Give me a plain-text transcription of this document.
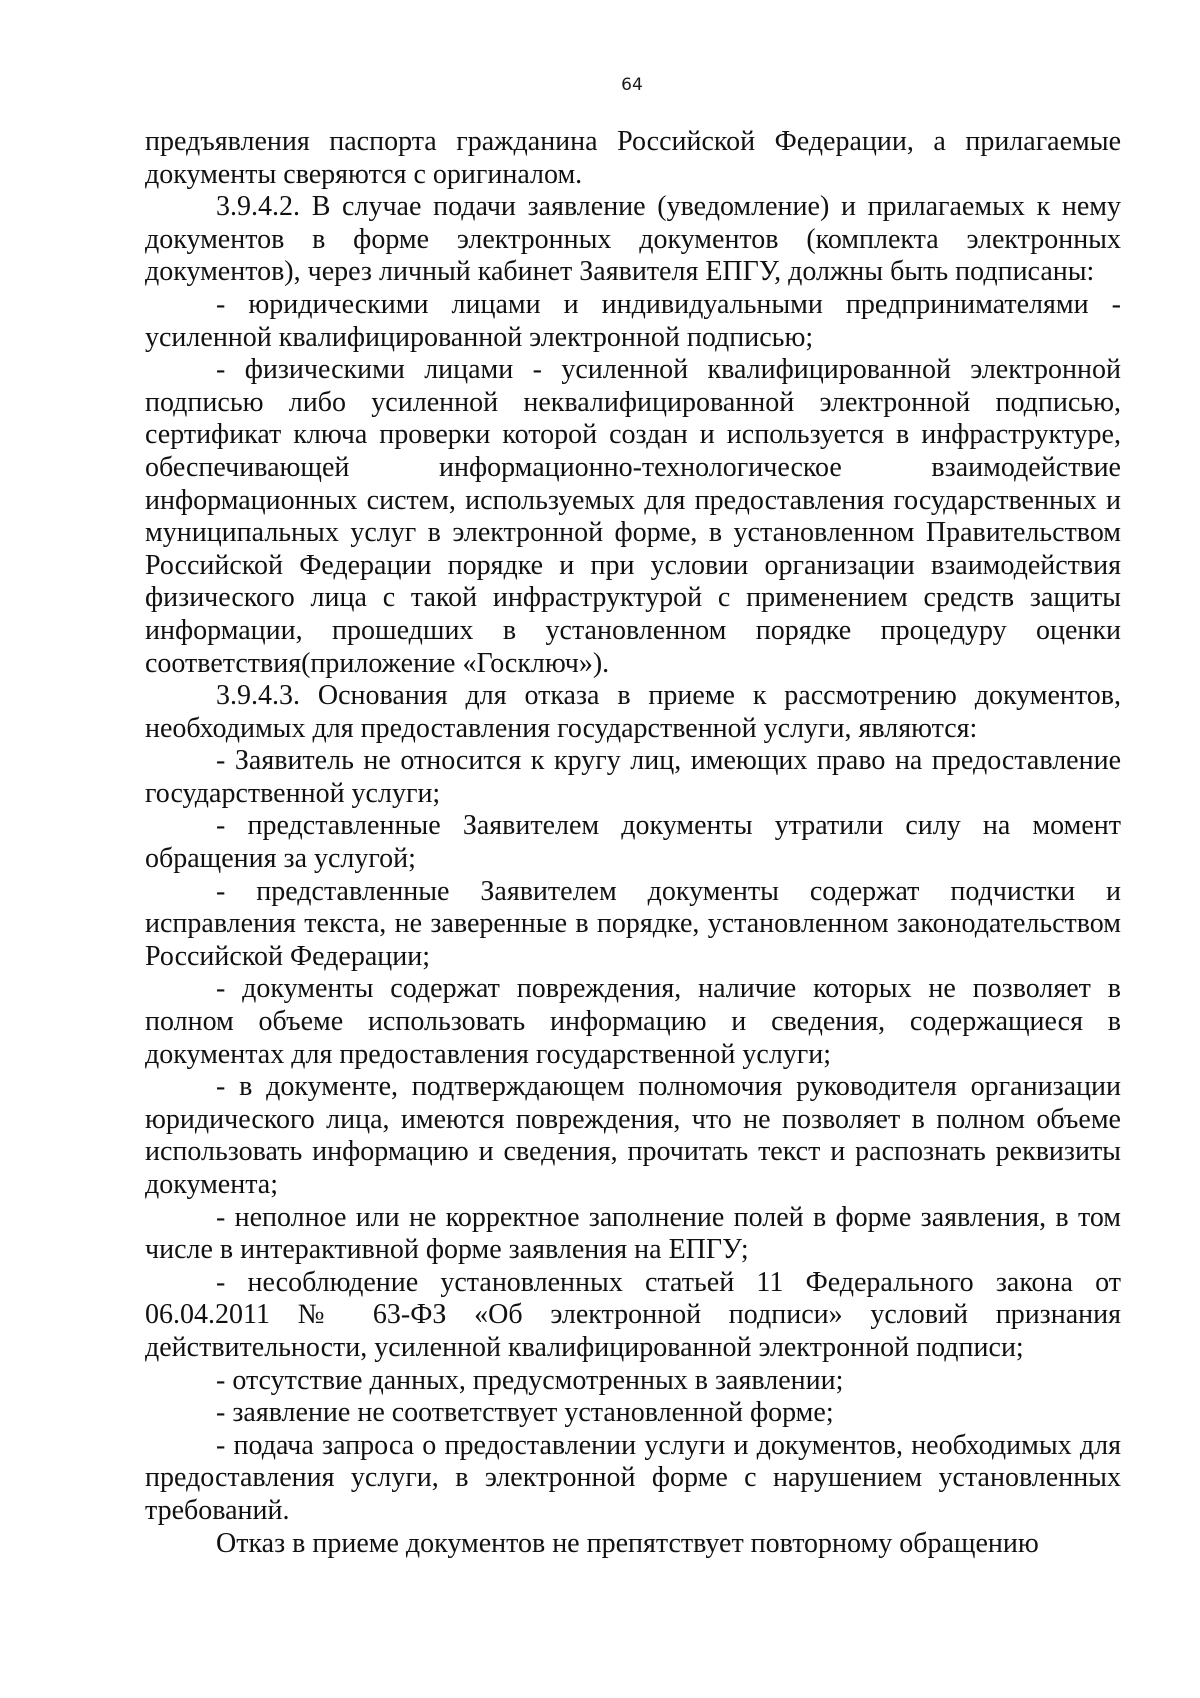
64

предъявления паспорта гражданина Российской Федерации, а прилагаемые документы сверяются с оригиналом.

3.9.4.2. В случае подачи заявление (уведомление) и прилагаемых к нему документов в форме электронных документов (комплекта электронных документов), через личный кабинет Заявителя ЕПГУ, должны быть подписаны:

- юридическими лицами и индивидуальными предпринимателями - усиленной квалифицированной электронной подписью;

- физическими лицами - усиленной квалифицированной электронной подписью либо усиленной неквалифицированной электронной подписью, сертификат ключа проверки которой создан и используется в инфраструктуре, обеспечивающей информационно-технологическое взаимодействие информационных систем, используемых для предоставления государственных и муниципальных услуг в электронной форме, в установленном Правительством Российской Федерации порядке и при условии организации взаимодействия физического лица с такой инфраструктурой с применением средств защиты информации, прошедших в установленном порядке процедуру оценки соответствия(приложение «Госключ»).

3.9.4.3. Основания для отказа в приеме к рассмотрению документов, необходимых для предоставления государственной услуги, являются:

- Заявитель не относится к кругу лиц, имеющих право на предоставление государственной услуги;

- представленные Заявителем документы утратили силу на момент обращения за услугой;

- представленные Заявителем документы содержат подчистки и исправления текста, не заверенные в порядке, установленном законодательством Российской Федерации;

- документы содержат повреждения, наличие которых не позволяет в полном объеме использовать информацию и сведения, содержащиеся в документах для предоставления государственной услуги;

- в документе, подтверждающем полномочия руководителя организации юридического лица, имеются повреждения, что не позволяет в полном объеме использовать информацию и сведения, прочитать текст и распознать реквизиты документа;

- неполное или не корректное заполнение полей в форме заявления, в том числе в интерактивной форме заявления на ЕПГУ;

- несоблюдение установленных статьей 11 Федерального закона от 06.04.2011 № 63-ФЗ «Об электронной подписи» условий признания действительности, усиленной квалифицированной электронной подписи;

- отсутствие данных, предусмотренных в заявлении;

- заявление не соответствует установленной форме;

- подача запроса о предоставлении услуги и документов, необходимых для предоставления услуги, в электронной форме с нарушением установленных требований.

Отказ в приеме документов не препятствует повторному обращению
